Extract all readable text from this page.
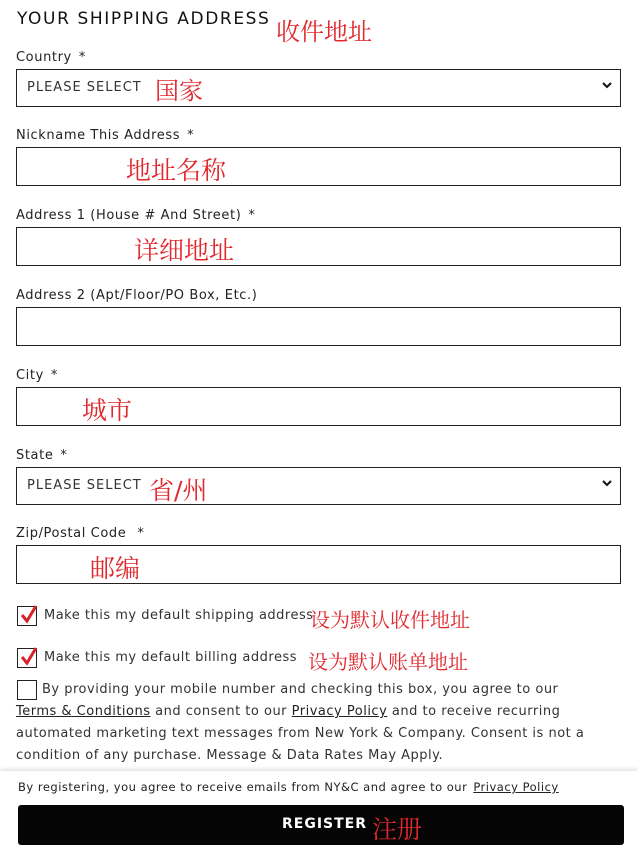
YOUR SHIPPING ADDRESS 收件地址
Country *
PLEASE SELECT 国家
Nickname This Address *
地址名称
Address 1 (House # And Street) *
详细地址
Address 2 (Apt/Floor/PO Box, Etc.)
City *
城市
State *
PLEASE SELECT 省/州
Zip/Postal Code *
邮编
Make this my default shipping address
设为默认收件地址
Make this my default billing address 设为默认账单地址
By providing your mobile number and checking this box, you agree to our Terms & Conditions and consent to our Privacy Policy and to receive recurring automated marketing text messages from New York & Company. Consent is not a condition of any purchase. Message & Data Rates May Apply.
By registering, you agree to receive emails from NY&C and agree to our Privacy Policy
REGISTER 注册
